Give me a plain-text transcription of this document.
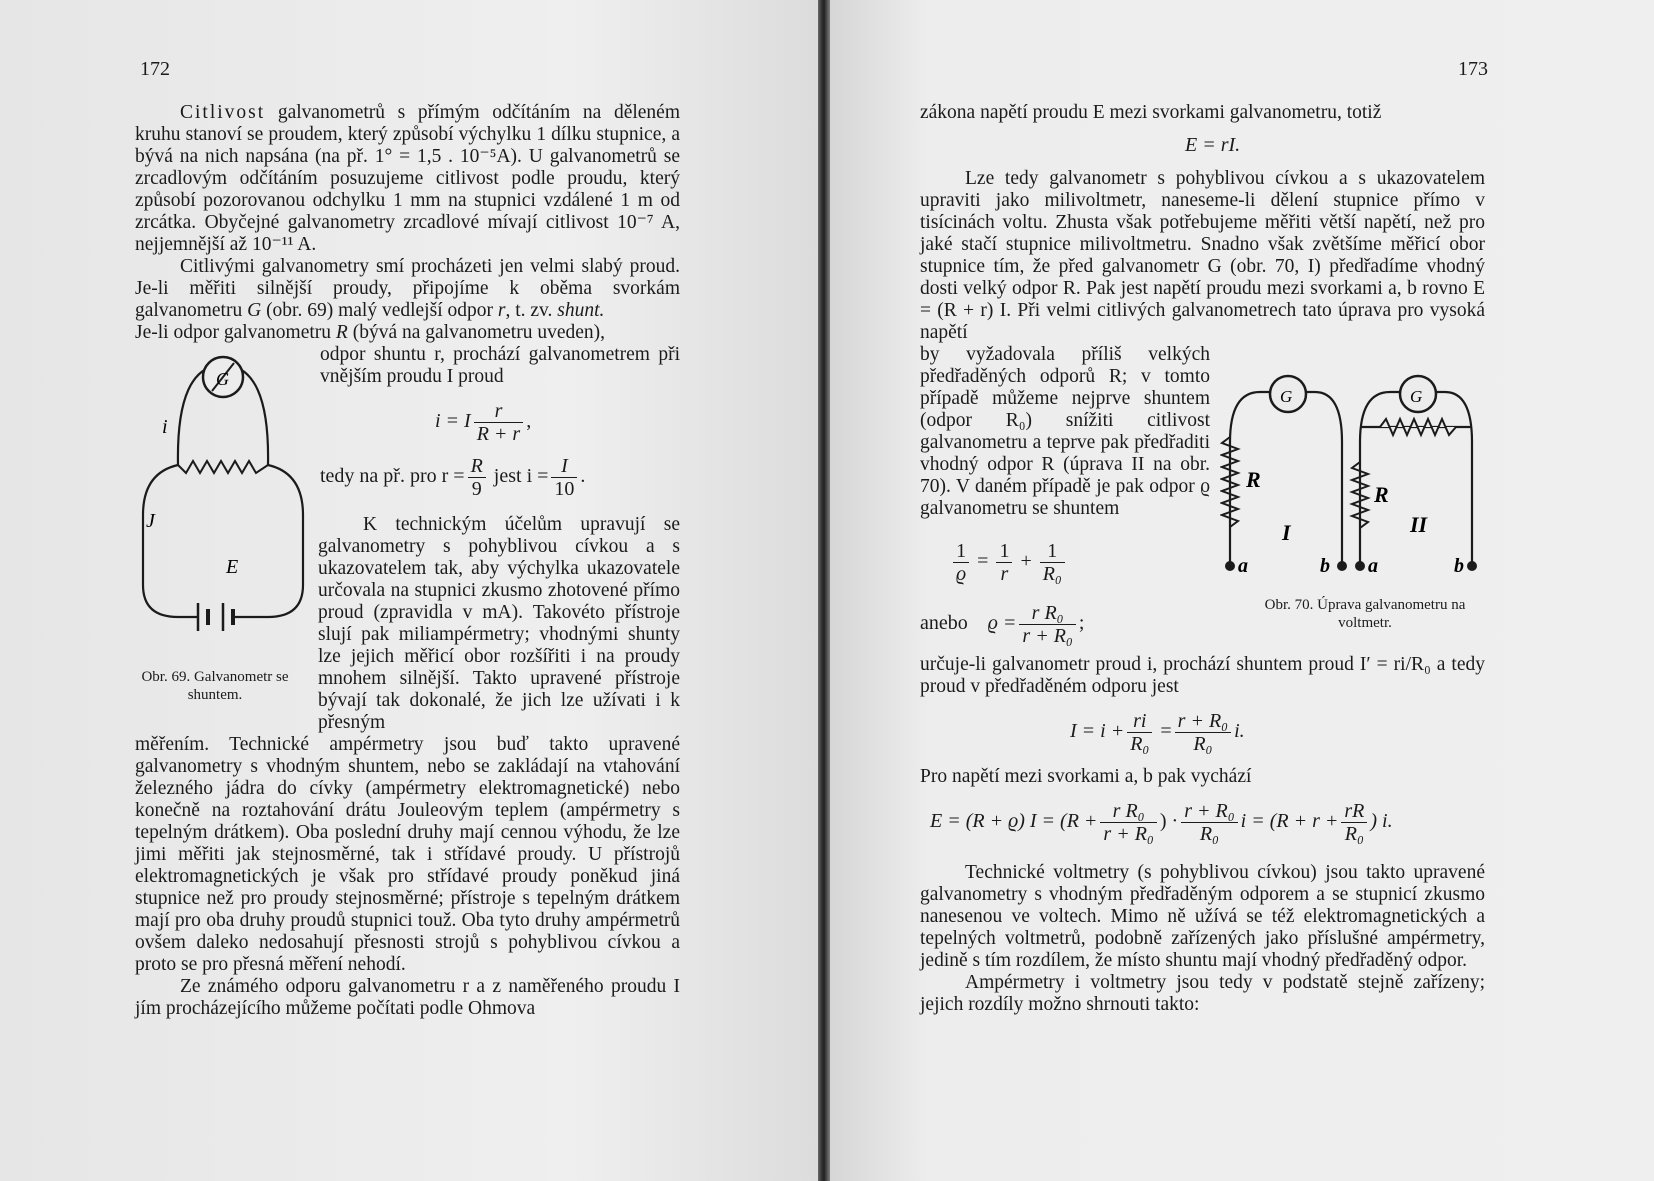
172

Citlivost galvanometrů s přímým odčítáním na děleném kruhu stanoví se proudem, který způsobí výchylku 1 dílku stupnice, a bývá na nich napsána (na př. 1° = 1,5 . 10⁻⁵A). U galvanometrů se zrcadlovým odčítáním posuzujeme citlivost podle proudu, který způsobí pozorovanou odchylku 1 mm na stupnici vzdálené 1 m od zrcátka. Obyčejné galvanometry zrcadlové mívají citlivost 10⁻⁷ A, nejjemnější až 10⁻¹¹ A.

Citlivými galvanometry smí procházeti jen velmi slabý proud. Je-li měřiti silnější proudy, připojíme k oběma svorkám galvanometru G (obr. 69) malý vedlejší odpor r, t. zv. shunt.

Je-li odpor galvanometru R (bývá na galvanometru uveden),

G
i
J
E
Obr. 69. Galvanometr se shuntem.

odpor shuntu r, prochází galvanometrem při vnějším proudu I proud

i = I $\frac{r}{R + r}$ ,
tedy na př. pro $r = \frac{R}{9}$ jest $i = \frac{I}{10}$ .

K technickým účelům upravují se galvanometry s pohyblivou cívkou a s ukazovatelem tak, aby výchylka ukazovatele určovala na stupnici zkusmo zhotovené přímo proud (zpravidla v mA). Takovéto přístroje slují pak miliampérmetry; vhodnými shunty lze jejich měřicí obor rozšířiti i na proudy mnohem silnější. Takto upravené přístroje bývají tak dokonalé, že jich lze užívati i k přesným

měřením. Technické ampérmetry jsou buď takto upravené galvanometry s vhodným shuntem, nebo se zakládají na vtahování železného jádra do cívky (ampérmetry elektromagnetické) nebo konečně na roztahování drátu Jouleovým teplem (ampérmetry s tepelným drátkem). Oba poslední druhy mají cennou výhodu, že lze jimi měřiti jak stejnosměrné, tak i střídavé proudy. U přístrojů elektromagnetických je však pro střídavé proudy poněkud jiná stupnice než pro proudy stejnosměrné; přístroje s tepelným drátkem mají pro oba druhy proudů stupnici touž. Oba tyto druhy ampérmetrů ovšem daleko nedosahují přesnosti strojů s pohyblivou cívkou a proto se pro přesná měření nehodí.

Ze známého odporu galvanometru r a z naměřeného proudu I jím procházejícího můžeme počítati podle Ohmova

173

zákona napětí proudu E mezi svorkami galvanometru, totiž

E = rI.

Lze tedy galvanometr s pohyblivou cívkou a s ukazovatelem upraviti jako milivoltmetr, naneseme-li dělení stupnice přímo v tisícinách voltu. Zhusta však potřebujeme měřiti větší napětí, než pro jaké stačí stupnice milivoltmetru. Snadno však zvětšíme měřicí obor stupnice tím, že před galvanometr G (obr. 70, I) předřadíme vhodný dosti velký odpor R. Pak jest napětí proudu mezi svorkami a, b rovno E = (R + r) I. Při velmi citlivých galvanometrech tato úprava pro vysoká napětí

by vyžadovala příliš velkých předřaděných odporů R; v tomto případě můžeme nejprve shuntem (odpor R₀) snížiti citlivost galvanometru a teprve pak předřaditi vhodný odpor R (úprava II na obr. 70). V daném případě je pak odpor ϱ galvanometru se shuntem

G
R
I
a	b
G
R
II
a	b
Obr. 70. Úprava galvanometru na voltmetr.
$\frac{1}{ϱ} = \frac{1}{r} + \frac{1}{\text{R₀}}$
anebo $ϱ = \frac{\text{r R₀}}{\text{r + R₀}}$ ;

určuje-li galvanometr proud i, prochází shuntem proud I′ = ri/R₀ a tedy proud v předřaděném odporu jest

$I = i + \frac{ri}{\text{R₀}} = \frac{\text{r + R₀}}{\text{R₀}} i$.

Pro napětí mezi svorkami a, b pak vychází

E = (R + ϱ) $I = (R + \frac{\text{r R₀}}{\text{r + R₀}}$ ) · $\frac{\text{r + R₀}}{\text{R₀}}$ $i = (R + r + \frac{rR}{\text{R₀}}$ ) i.

Technické voltmetry (s pohyblivou cívkou) jsou takto upravené galvanometry s vhodným předřaděným odporem a se stupnicí zkusmo nanesenou ve voltech. Mimo ně užívá se též elektromagnetických a tepelných voltmetrů, podobně zařízených jako příslušné ampérmetry, jedině s tím rozdílem, že místo shuntu mají vhodný předřaděný odpor.

Ampérmetry i voltmetry jsou tedy v podstatě stejně zařízeny; jejich rozdíly možno shrnouti takto:
